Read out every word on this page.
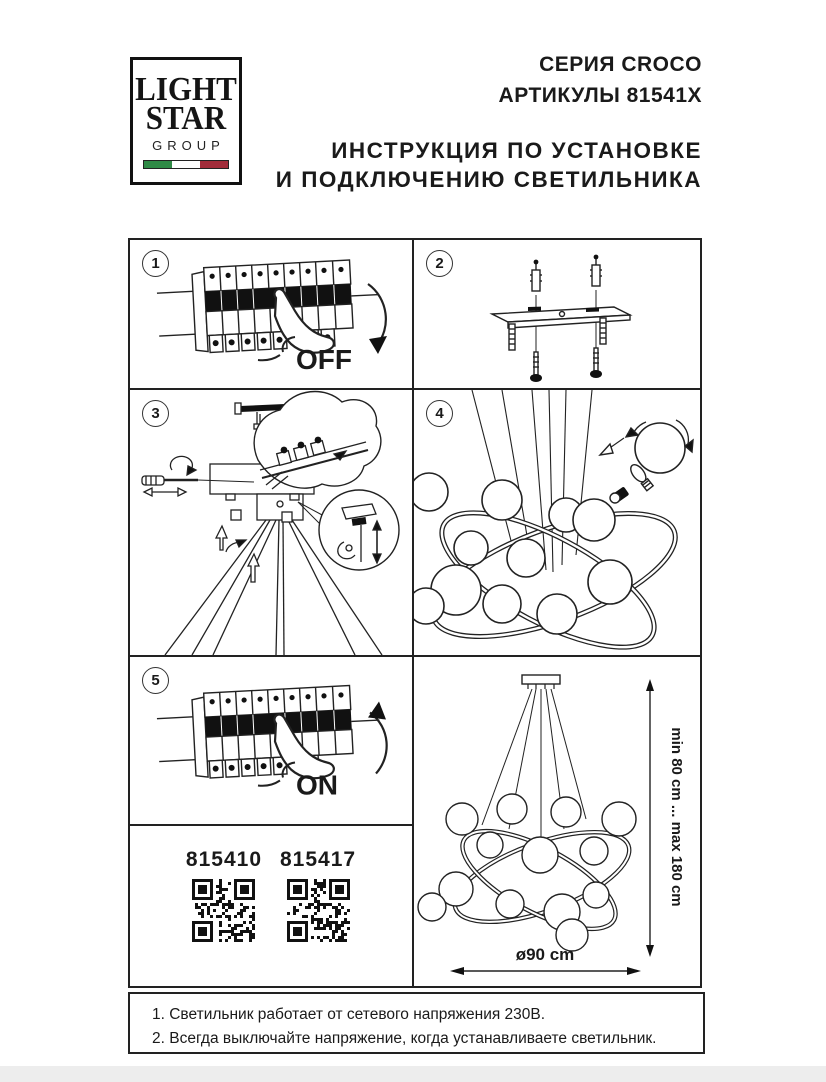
LIGHT
STAR
GROUP
СЕРИЯ CROCO
АРТИКУЛЫ 81541X
ИНСТРУКЦИЯ ПО УСТАНОВКЕ
И ПОДКЛЮЧЕНИЮ СВЕТИЛЬНИКА
1
OFF
2
3	4
5
ON
815410 815417	min 80 cm ... max 180 cm
ø90 cm

1. Светильник работает от сетевого напряжения 230В.

2. Всегда выключайте напряжение, когда устанавливаете светильник.
